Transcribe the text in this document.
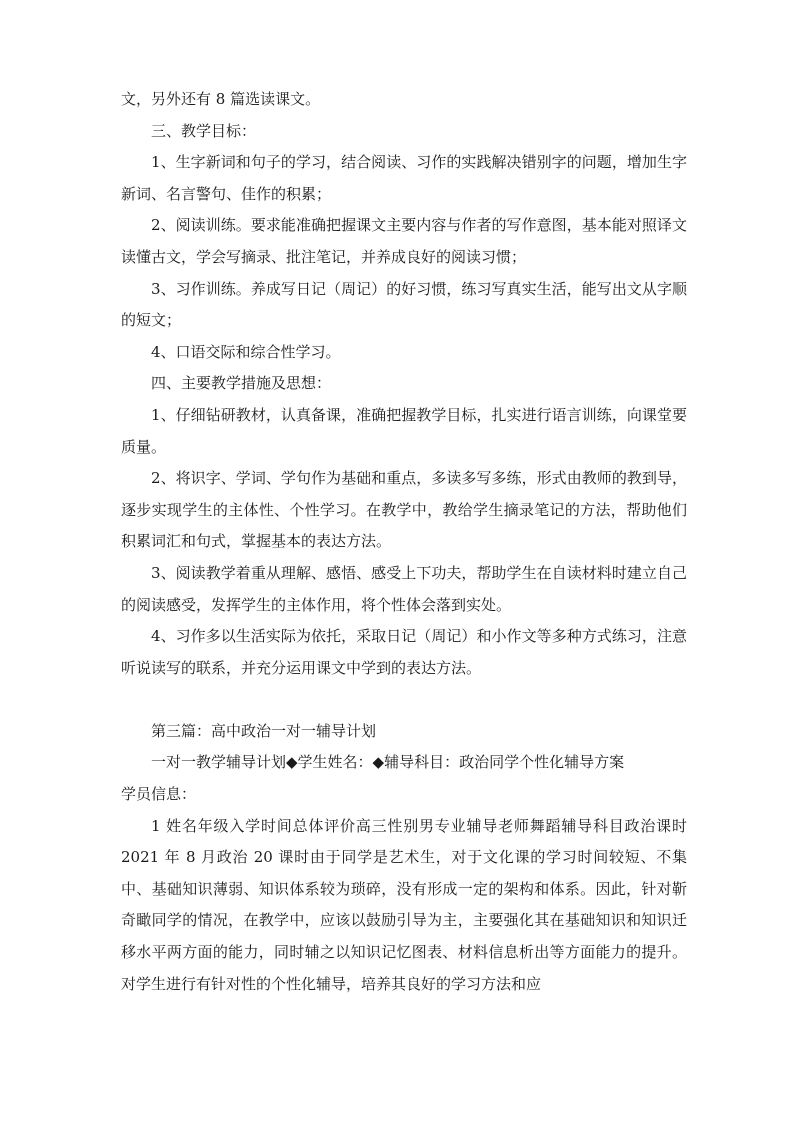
文，另外还有 8 篇选读课文。

三、教学目标：

1、生字新词和句子的学习，结合阅读、习作的实践解决错别字的问题，增加生字新词、名言警句、佳作的积累；

2、阅读训练。要求能准确把握课文主要内容与作者的写作意图，基本能对照译文读懂古文，学会写摘录、批注笔记，并养成良好的阅读习惯；

3、习作训练。养成写日记（周记）的好习惯，练习写真实生活，能写出文从字顺的短文；

4、口语交际和综合性学习。

四、主要教学措施及思想：

1、仔细钻研教材，认真备课，准确把握教学目标，扎实进行语言训练，向课堂要质量。

2、将识字、学词、学句作为基础和重点，多读多写多练，形式由教师的教到导，逐步实现学生的主体性、个性学习。在教学中，教给学生摘录笔记的方法，帮助他们积累词汇和句式，掌握基本的表达方法。

3、阅读教学着重从理解、感悟、感受上下功夫，帮助学生在自读材料时建立自己的阅读感受，发挥学生的主体作用，将个性体会落到实处。

4、习作多以生活实际为依托，采取日记（周记）和小作文等多种方式练习，注意听说读写的联系，并充分运用课文中学到的表达方法。

第三篇：高中政治一对一辅导计划

一对一教学辅导计划◆学生姓名：◆辅导科目：政治同学个性化辅导方案

学员信息：

1 姓名年级入学时间总体评价高三性别男专业辅导老师舞蹈辅导科目政治课时 2021 年 8 月政治 20 课时由于同学是艺术生，对于文化课的学习时间较短、不集中、基础知识薄弱、知识体系较为琐碎，没有形成一定的架构和体系。因此，针对靳奇瞰同学的情况，在教学中，应该以鼓励引导为主，主要强化其在基础知识和知识迁移水平两方面的能力，同时辅之以知识记忆图表、材料信息析出等方面能力的提升。对学生进行有针对性的个性化辅导，培养其良好的学习方法和应
